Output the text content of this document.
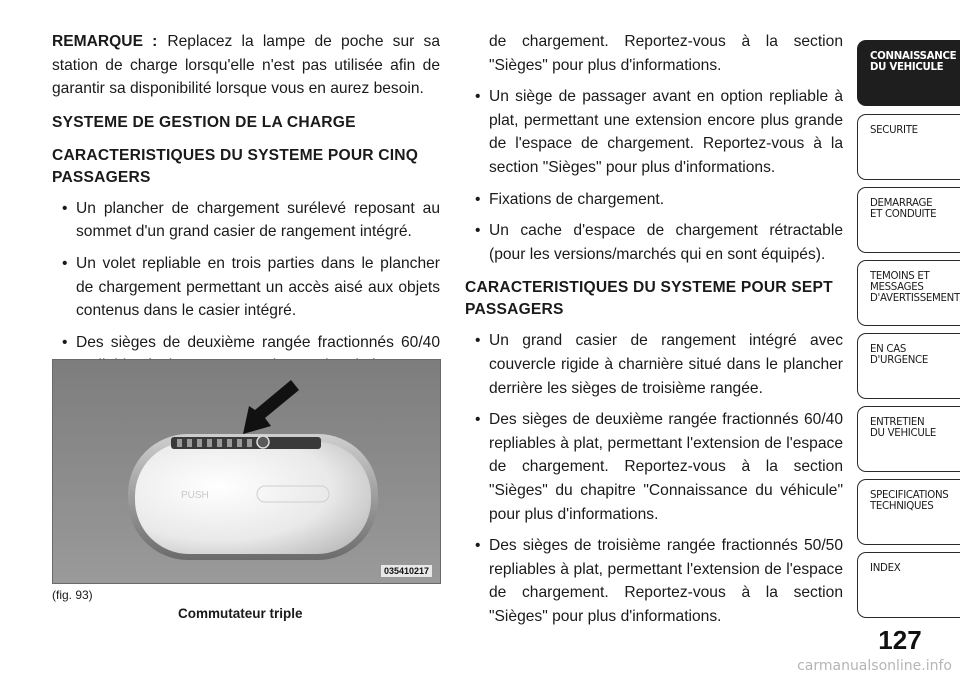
REMARQUE : Replacez la lampe de poche sur sa station de charge lorsqu'elle n'est pas utilisée afin de garantir sa disponibilité lorsque vous en aurez besoin.

SYSTEME DE GESTION DE LA CHARGE
CARACTERISTIQUES DU SYSTEME POUR CINQ PASSAGERS
• Un plancher de chargement surélevé reposant au sommet d'un grand casier de rangement intégré.
• Un volet repliable en trois parties dans le plancher de chargement permettant un accès aisé aux objets contenus dans le casier intégré.
• Des sièges de deuxième rangée fractionnés 60/40
PUSH
035410217
(fig. 93)
Commutateur triple

de chargement. Reportez-vous à la section "Sièges" pour plus d'informations.

• Un siège de passager avant en option repliable à plat, permettant une extension encore plus grande de l'espace de chargement. Reportez-vous à la section "Sièges" pour plus d'informations.
• Fixations de chargement.
• Un cache d'espace de chargement rétractable (pour les versions/marchés qui en sont équipés).
CARACTERISTIQUES DU SYSTEME POUR SEPT PASSAGERS
• Un grand casier de rangement intégré avec couvercle rigide à charnière situé dans le plancher derrière les sièges de troisième rangée.
• Des sièges de deuxième rangée fractionnés 60/40 repliables à plat, permettant l'extension de l'espace de chargement. Reportez-vous à la section "Sièges" du chapitre "Connaissance du véhicule" pour plus d'informations.
• Des sièges de troisième rangée fractionnés 50/50 repliables à plat, permettant l'extension de l'espace de chargement. Reportez-vous à la section "Sièges" pour plus d'informations.
CONNAISSANCE
DU VEHICULE
SECURITE
DEMARRAGE
ET CONDUITE
TEMOINS ET
MESSAGES
D'AVERTISSEMENT
EN CAS
D'URGENCE
ENTRETIEN
DU VEHICULE
SPECIFICATIONS
TECHNIQUES
INDEX
127
carmanualsonline.info
